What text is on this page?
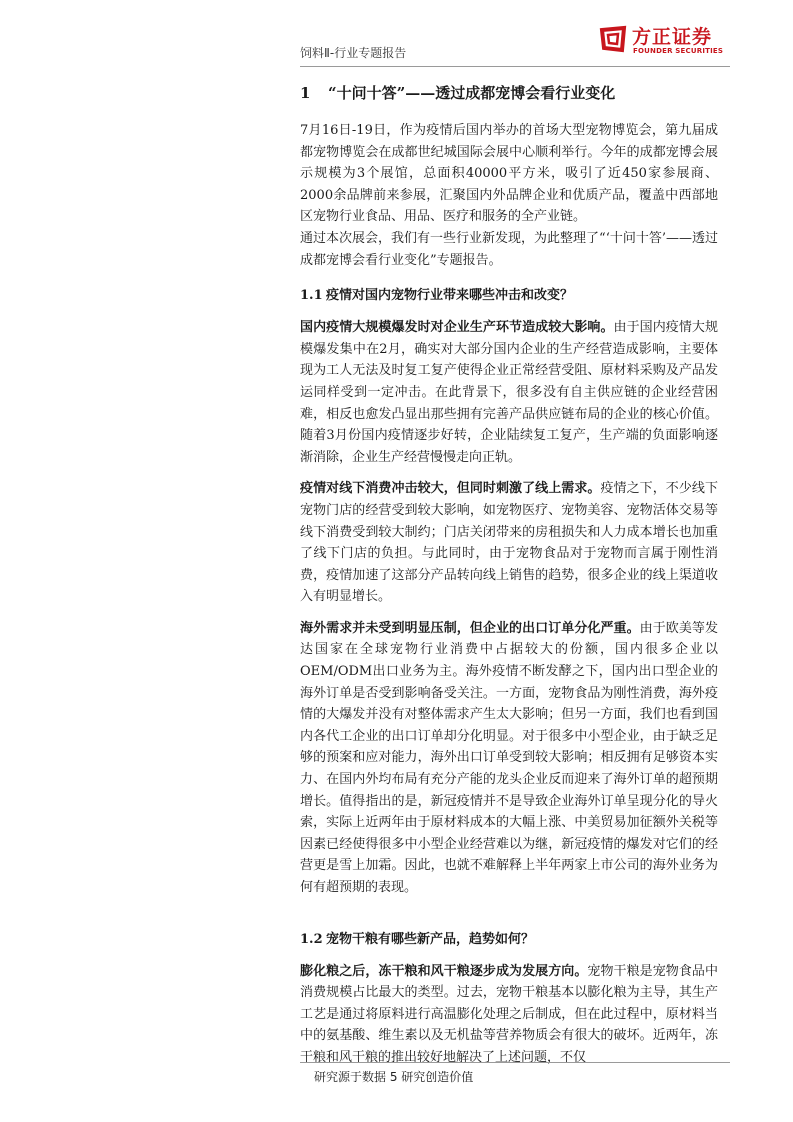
饲料Ⅱ-行业专题报告
方正证券
FOUNDER SECURITIES
1 “十问十答”——透过成都宠博会看行业变化

7月16日-19日，作为疫情后国内举办的首场大型宠物博览会，第九届成都宠物博览会在成都世纪城国际会展中心顺利举行。今年的成都宠博会展示规模为3个展馆，总面积40000平方米，吸引了近450家参展商、2000余品牌前来参展，汇聚国内外品牌企业和优质产品，覆盖中西部地区宠物行业食品、用品、医疗和服务的全产业链。

通过本次展会，我们有一些行业新发现，为此整理了“‘十问十答’——透过成都宠博会看行业变化”专题报告。

1.1 疫情对国内宠物行业带来哪些冲击和改变？

国内疫情大规模爆发时对企业生产环节造成较大影响。由于国内疫情大规模爆发集中在2月，确实对大部分国内企业的生产经营造成影响，主要体现为工人无法及时复工复产使得企业正常经营受阻、原材料采购及产品发运同样受到一定冲击。在此背景下，很多没有自主供应链的企业经营困难，相反也愈发凸显出那些拥有完善产品供应链布局的企业的核心价值。随着3月份国内疫情逐步好转，企业陆续复工复产，生产端的负面影响逐渐消除，企业生产经营慢慢走向正轨。

疫情对线下消费冲击较大，但同时刺激了线上需求。疫情之下，不少线下宠物门店的经营受到较大影响，如宠物医疗、宠物美容、宠物活体交易等线下消费受到较大制约；门店关闭带来的房租损失和人力成本增长也加重了线下门店的负担。与此同时，由于宠物食品对于宠物而言属于刚性消费，疫情加速了这部分产品转向线上销售的趋势，很多企业的线上渠道收入有明显增长。

海外需求并未受到明显压制，但企业的出口订单分化严重。由于欧美等发达国家在全球宠物行业消费中占据较大的份额，国内很多企业以OEM/ODM出口业务为主。海外疫情不断发酵之下，国内出口型企业的海外订单是否受到影响备受关注。一方面，宠物食品为刚性消费，海外疫情的大爆发并没有对整体需求产生太大影响；但另一方面，我们也看到国内各代工企业的出口订单却分化明显。对于很多中小型企业，由于缺乏足够的预案和应对能力，海外出口订单受到较大影响；相反拥有足够资本实力、在国内外均布局有充分产能的龙头企业反而迎来了海外订单的超预期增长。值得指出的是，新冠疫情并不是导致企业海外订单呈现分化的导火索，实际上近两年由于原材料成本的大幅上涨、中美贸易加征额外关税等因素已经使得很多中小型企业经营难以为继，新冠疫情的爆发对它们的经营更是雪上加霜。因此，也就不难解释上半年两家上市公司的海外业务为何有超预期的表现。

1.2 宠物干粮有哪些新产品，趋势如何？

膨化粮之后，冻干粮和风干粮逐步成为发展方向。宠物干粮是宠物食品中消费规模占比最大的类型。过去，宠物干粮基本以膨化粮为主导，其生产工艺是通过将原料进行高温膨化处理之后制成，但在此过程中，原材料当中的氨基酸、维生素以及无机盐等营养物质会有很大的破坏。近两年，冻干粮和风干粮的推出较好地解决了上述问题，不仅

研究源于数据 5 研究创造价值
